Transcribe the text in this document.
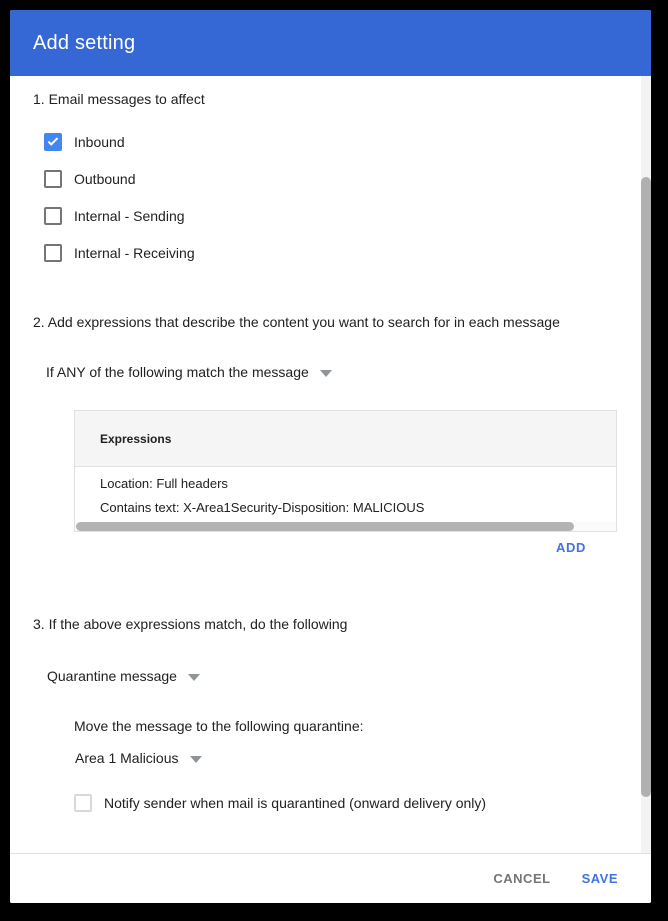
Add setting
1. Email messages to affect
Inbound
Outbound
Internal - Sending
Internal - Receiving
2. Add expressions that describe the content you want to search for in each message
If ANY of the following match the message
Expressions
Location: Full headers
Contains text: X-Area1Security-Disposition: MALICIOUS
ADD
3. If the above expressions match, do the following
Quarantine message
Move the message to the following quarantine:
Area 1 Malicious
Notify sender when mail is quarantined (onward delivery only)
CANCEL SAVE
